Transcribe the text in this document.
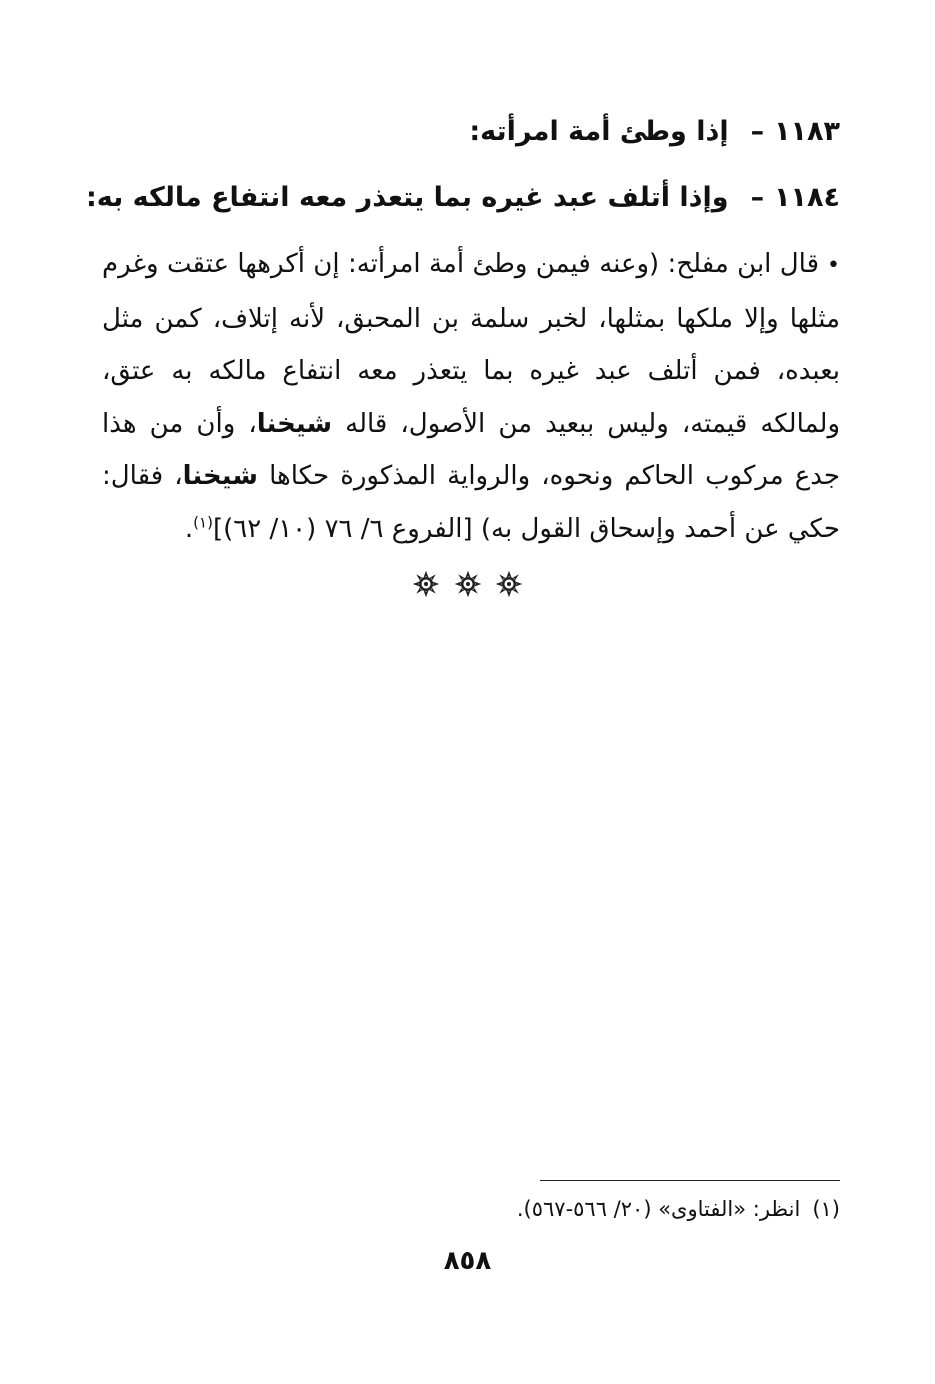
١١٨٣–إذا وطئ أمة امرأته:
١١٨٤–وإذا أتلف عبد غيره بما يتعذر معه انتفاع مالكه به:
•قال ابن مفلح: (وعنه فيمن وطئ أمة امرأته: إن أكرهها عتقت وغرم مثلها وإلا ملكها بمثلها، لخبر سلمة بن المحبق، لأنه إتلاف، كمن مثل بعبده، فمن أتلف عبد غيره بما يتعذر معه انتفاع مالكه به عتق، ولمالكه قيمته، وليس ببعيد من الأصول، قاله شيخنا، وأن من هذا جدع مركوب الحاكم ونحوه، والرواية المذكورة حكاها شيخنا، فقال: حكي عن أحمد وإسحاق القول به) [الفروع ٦/ ٧٦ (١٠/ ٦٢)]$^{(١)}$.

(١)انظر: «الفتاوى» (٢٠/ ٥٦٦-٥٦٧).
٨٥٨
